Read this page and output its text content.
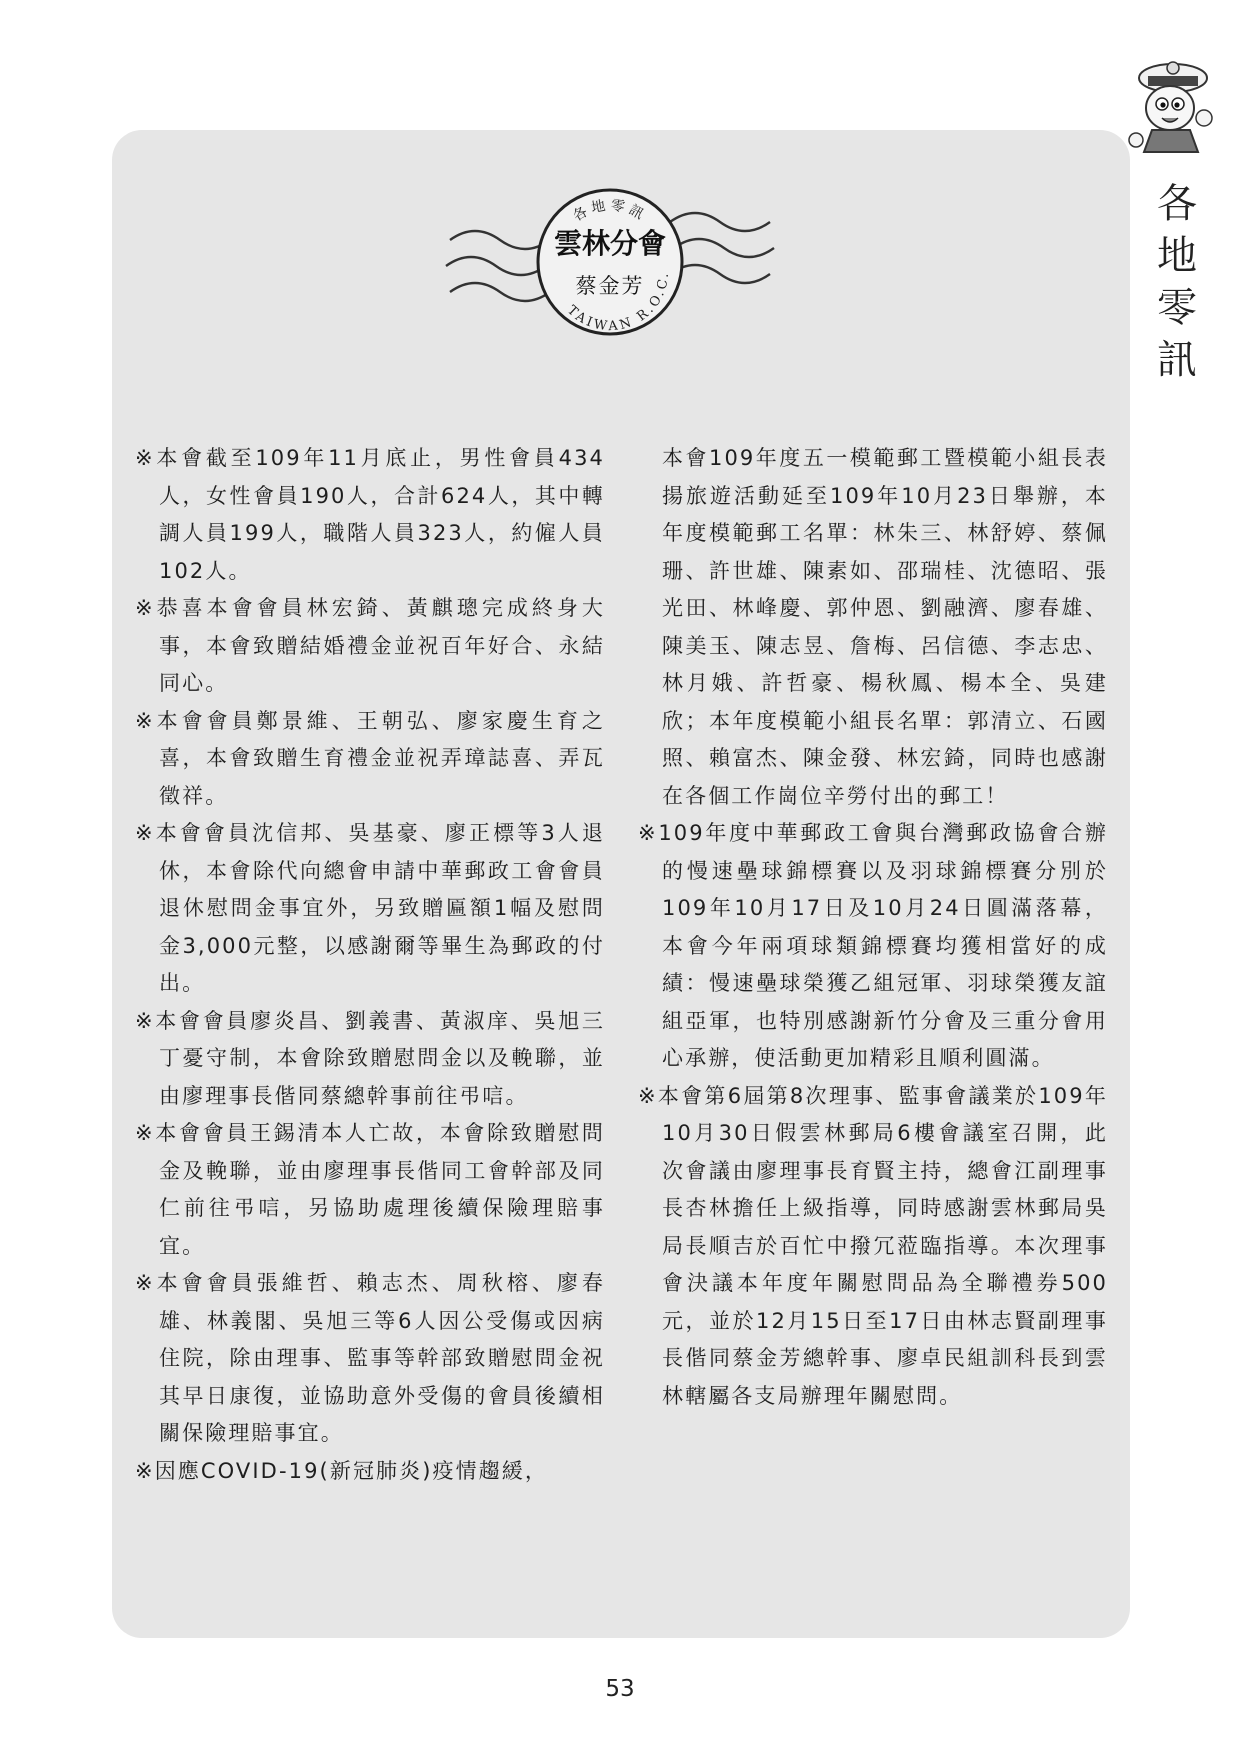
各
地
零
訊
各地零訊
TAIWAN R.O.C.
雲林分會
蔡金芳
※本會截至109年11月底止，男性會員434人，女性會員190人，合計624人，其中轉調人員199人，職階人員323人，約僱人員102人。
※恭喜本會會員林宏錡、黃麒璁完成終身大事，本會致贈結婚禮金並祝百年好合、永結同心。
※本會會員鄭景維、王朝弘、廖家慶生育之喜，本會致贈生育禮金並祝弄璋誌喜、弄瓦徵祥。
※本會會員沈信邦、吳基豪、廖正標等3人退休，本會除代向總會申請中華郵政工會會員退休慰問金事宜外，另致贈匾額1幅及慰問金3,000元整，以感謝爾等畢生為郵政的付出。
※本會會員廖炎昌、劉義書、黃淑庠、吳旭三丁憂守制，本會除致贈慰問金以及輓聯，並由廖理事長偕同蔡總幹事前往弔唁。
※本會會員王錫清本人亡故，本會除致贈慰問金及輓聯，並由廖理事長偕同工會幹部及同仁前往弔唁，另協助處理後續保險理賠事宜。
※本會會員張維哲、賴志杰、周秋榕、廖春雄、林義閣、吳旭三等6人因公受傷或因病住院，除由理事、監事等幹部致贈慰問金祝其早日康復，並協助意外受傷的會員後續相關保險理賠事宜。
※因應COVID-19(新冠肺炎)疫情趨緩，
本會109年度五一模範郵工暨模範小組長表揚旅遊活動延至109年10月23日舉辦，本年度模範郵工名單：林朱三、林舒婷、蔡佩珊、許世雄、陳素如、邵瑞桂、沈德昭、張光田、林峰慶、郭仲恩、劉融濟、廖春雄、陳美玉、陳志昱、詹梅、呂信德、李志忠、林月娥、許哲豪、楊秋鳳、楊本全、吳建欣；本年度模範小組長名單：郭清立、石國照、賴富杰、陳金發、林宏錡，同時也感謝在各個工作崗位辛勞付出的郵工！
※109年度中華郵政工會與台灣郵政協會合辦的慢速壘球錦標賽以及羽球錦標賽分別於109年10月17日及10月24日圓滿落幕，本會今年兩項球類錦標賽均獲相當好的成績：慢速壘球榮獲乙組冠軍、羽球榮獲友誼組亞軍，也特別感謝新竹分會及三重分會用心承辦，使活動更加精彩且順利圓滿。
※本會第6屆第8次理事、監事會議業於109年10月30日假雲林郵局6樓會議室召開，此次會議由廖理事長育賢主持，總會江副理事長杏林擔任上級指導，同時感謝雲林郵局吳局長順吉於百忙中撥冗蒞臨指導。本次理事會決議本年度年關慰問品為全聯禮券500元，並於12月15日至17日由林志賢副理事長偕同蔡金芳總幹事、廖卓民組訓科長到雲林轄屬各支局辦理年關慰問。
53
